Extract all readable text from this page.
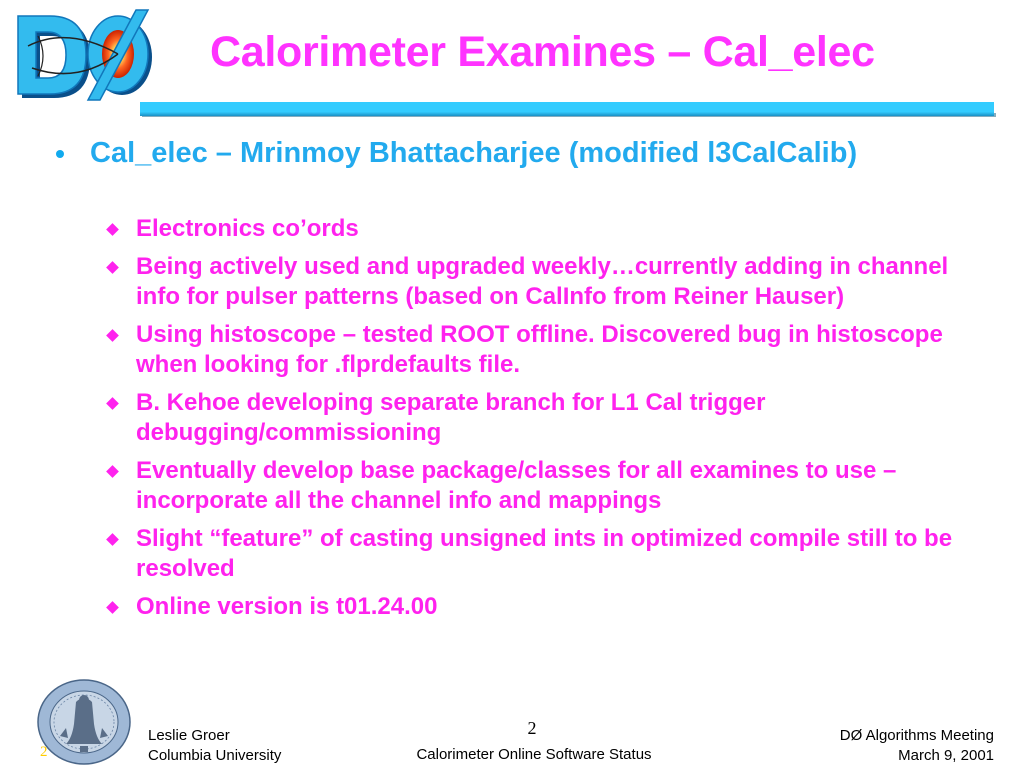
Calorimeter Examines – Cal_elec
Cal_elec – Mrinmoy Bhattacharjee (modified l3CalCalib)
Electronics co’ords
Being actively used and upgraded weekly…currently adding in channel info for pulser patterns (based on CalInfo from Reiner Hauser)
Using histoscope – tested ROOT offline. Discovered bug in histoscope when looking for .flprdefaults file.
B. Kehoe developing separate branch for L1 Cal trigger debugging/commissioning
Eventually develop base package/classes for all examines to use – incorporate all the channel info and mappings
Slight “feature” of casting unsigned ints in optimized compile still to be resolved
Online version is t01.24.00
2
Leslie Groer
Columbia University
2
Calorimeter Online Software Status
DØ Algorithms Meeting
March 9, 2001
